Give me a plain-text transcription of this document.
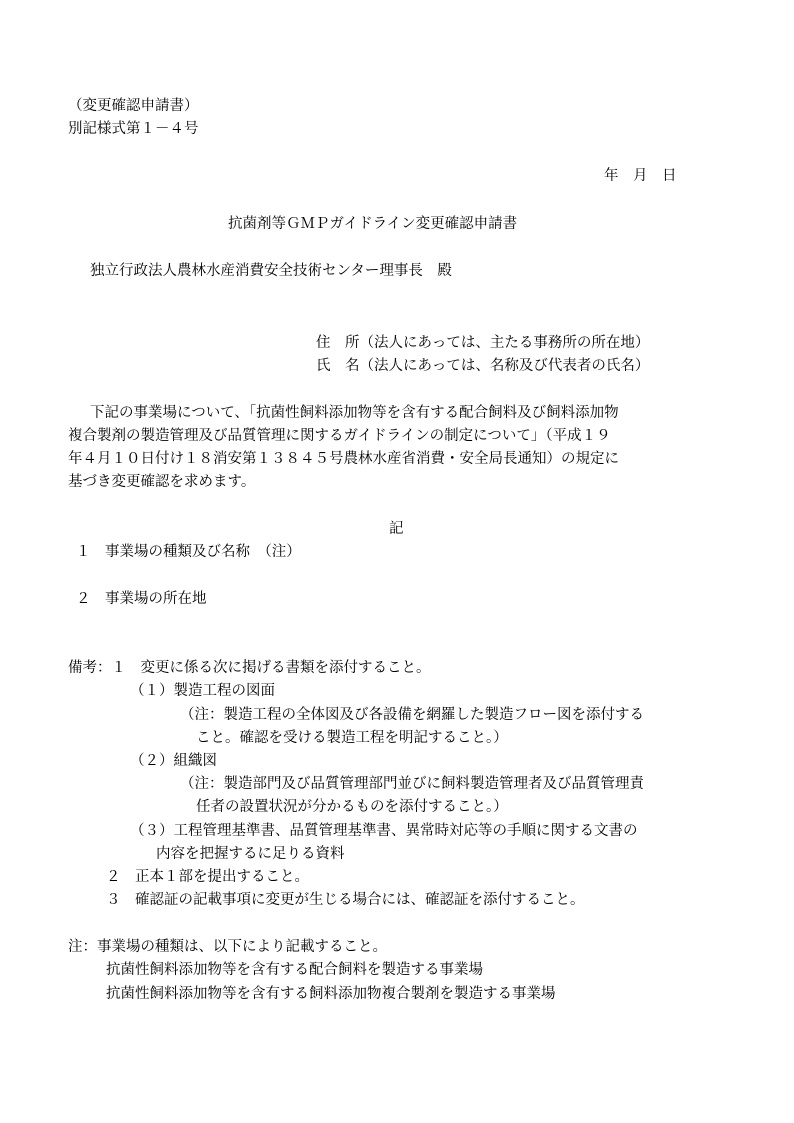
（変更確認申請書）
別記様式第１－４号
年　月　日
抗菌剤等ＧＭＰガイドライン変更確認申請書
独立行政法人農林水産消費安全技術センター理事長　殿
住　所（法人にあっては、主たる事務所の所在地）
氏　名（法人にあっては、名称及び代表者の氏名）
下記の事業場について、「抗菌性飼料添加物等を含有する配合飼料及び飼料添加物
複合製剤の製造管理及び品質管理に関するガイドラインの制定について」（平成１９
年４月１０日付け１８消安第１３８４５号農林水産省消費・安全局長通知）の規定に
基づき変更確認を求めます。
記
１　事業場の種類及び名称　（注）
２　事業場の所在地
備考：１　変更に係る次に掲げる書類を添付すること。
（１）製造工程の図面
（注：製造工程の全体図及び各設備を網羅した製造フロー図を添付する
こと。確認を受ける製造工程を明記すること。）
（２）組織図
（注：製造部門及び品質管理部門並びに飼料製造管理者及び品質管理責
任者の設置状況が分かるものを添付すること。）
（３）工程管理基準書、品質管理基準書、異常時対応等の手順に関する文書の
内容を把握するに足りる資料
２　正本１部を提出すること。
３　確認証の記載事項に変更が生じる場合には、確認証を添付すること。
注：事業場の種類は、以下により記載すること。
抗菌性飼料添加物等を含有する配合飼料を製造する事業場
抗菌性飼料添加物等を含有する飼料添加物複合製剤を製造する事業場
